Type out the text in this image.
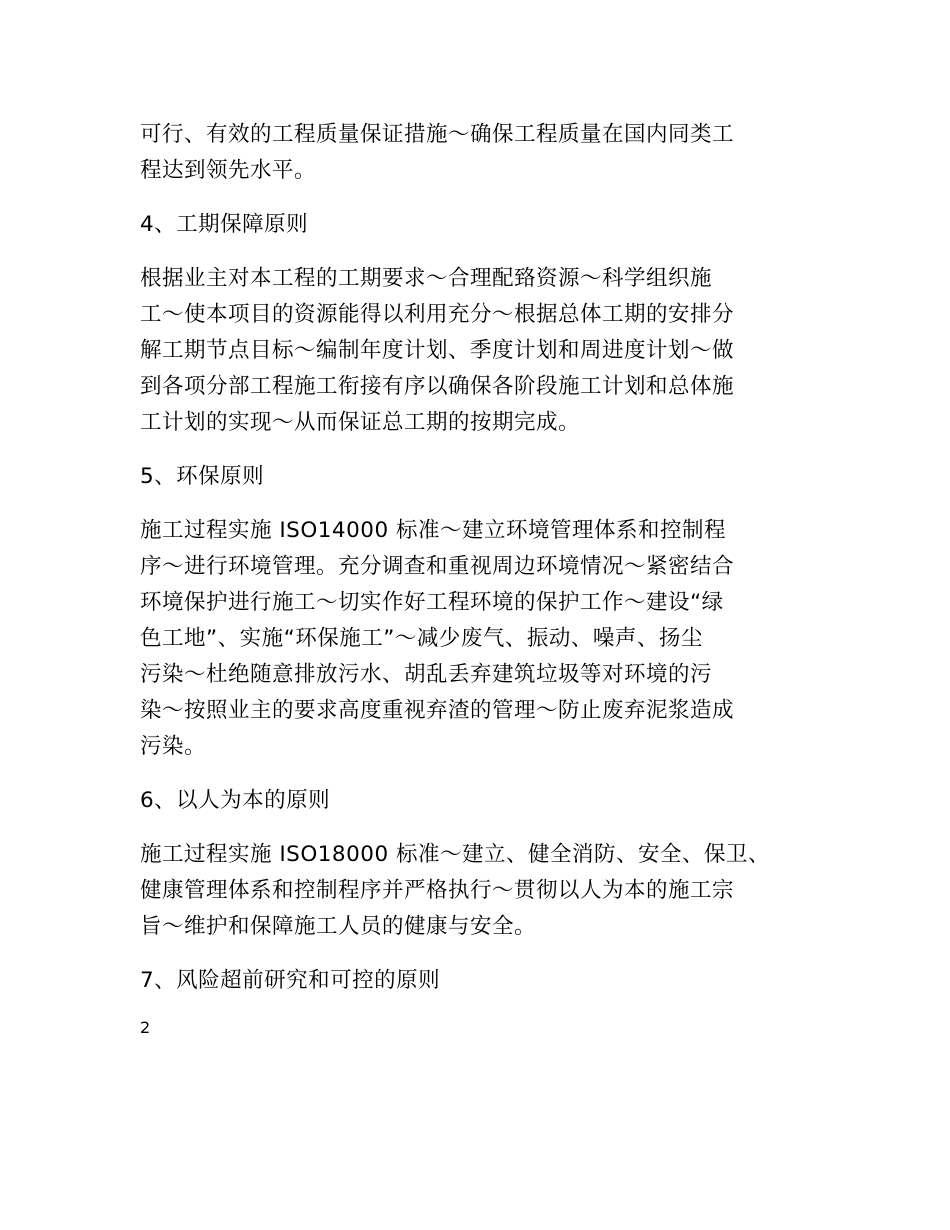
可行、有效的工程质量保证措施～确保工程质量在国内同类工
程达到领先水平。

4、工期保障原则

根据业主对本工程的工期要求～合理配臵资源～科学组织施
工～使本项目的资源能得以利用充分～根据总体工期的安排分
解工期节点目标～编制年度计划、季度计划和周进度计划～做
到各项分部工程施工衔接有序以确保各阶段施工计划和总体施
工计划的实现～从而保证总工期的按期完成。

5、环保原则

施工过程实施 ISO14000 标准～建立环境管理体系和控制程
序～进行环境管理。充分调查和重视周边环境情况～紧密结合
环境保护进行施工～切实作好工程环境的保护工作～建设“绿
色工地”、实施“环保施工”～减少废气、振动、噪声、扬尘
污染～杜绝随意排放污水、胡乱丢弃建筑垃圾等对环境的污
染～按照业主的要求高度重视弃渣的管理～防止废弃泥浆造成
污染。

6、以人为本的原则

施工过程实施 ISO18000 标准～建立、健全消防、安全、保卫、
健康管理体系和控制程序并严格执行～贯彻以人为本的施工宗
旨～维护和保障施工人员的健康与安全。

7、风险超前研究和可控的原则

2
